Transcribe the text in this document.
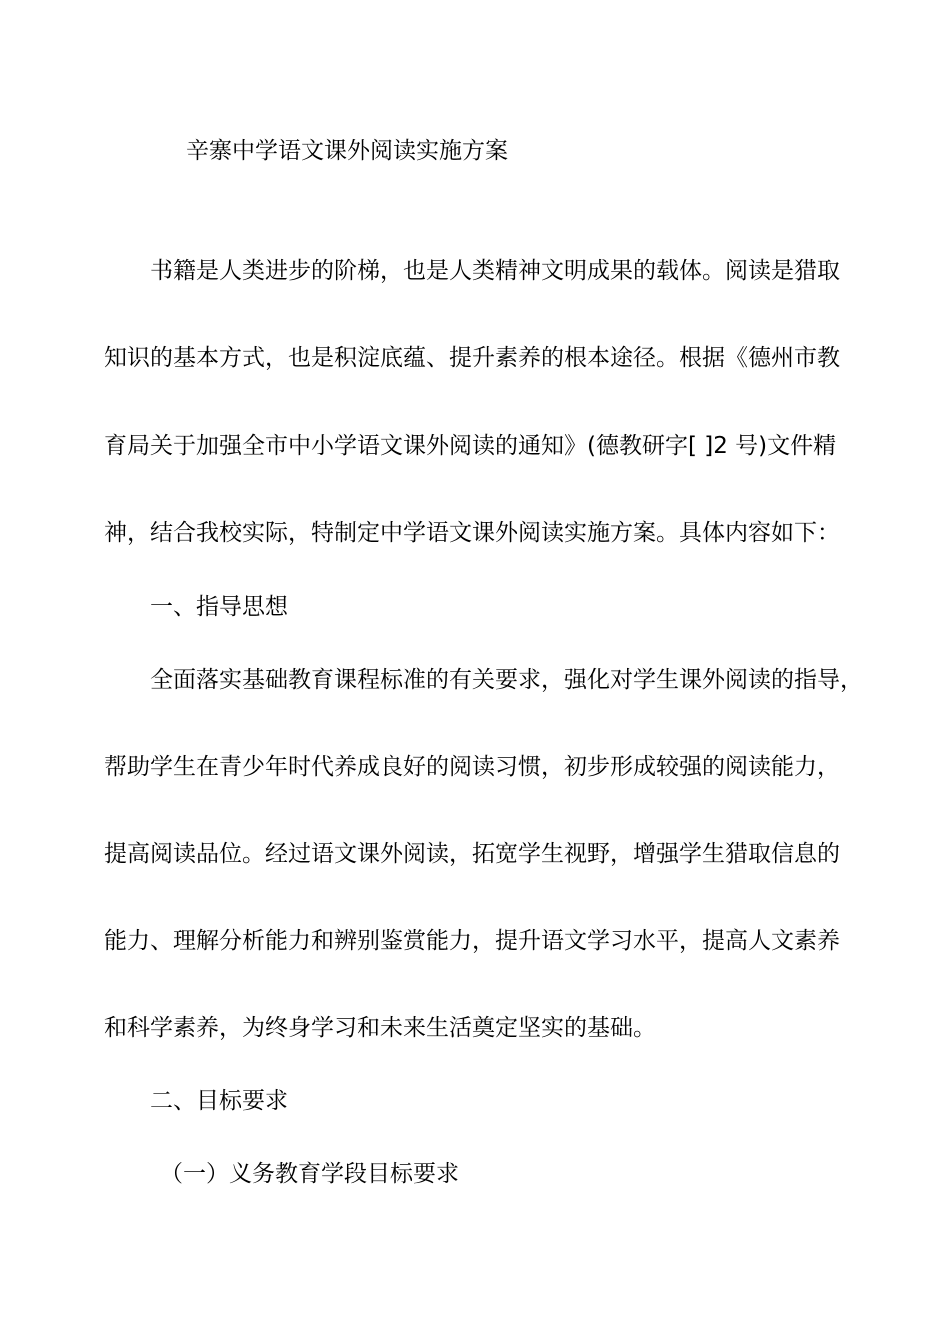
辛寨中学语文课外阅读实施方案
书籍是人类进步的阶梯，也是人类精神文明成果的载体。阅读是猎取
知识的基本方式，也是积淀底蕴、提升素养的根本途径。根据《德州市教
育局关于加强全市中小学语文课外阅读的通知》(德教研字[ ]2 号)文件精
神，结合我校实际，特制定中学语文课外阅读实施方案。具体内容如下：
一、指导思想
全面落实基础教育课程标准的有关要求，强化对学生课外阅读的指导，
帮助学生在青少年时代养成良好的阅读习惯，初步形成较强的阅读能力，
提高阅读品位。经过语文课外阅读，拓宽学生视野，增强学生猎取信息的
能力、理解分析能力和辨别鉴赏能力，提升语文学习水平，提高人文素养
和科学素养，为终身学习和未来生活奠定坚实的基础。
二、目标要求
（一）义务教育学段目标要求
